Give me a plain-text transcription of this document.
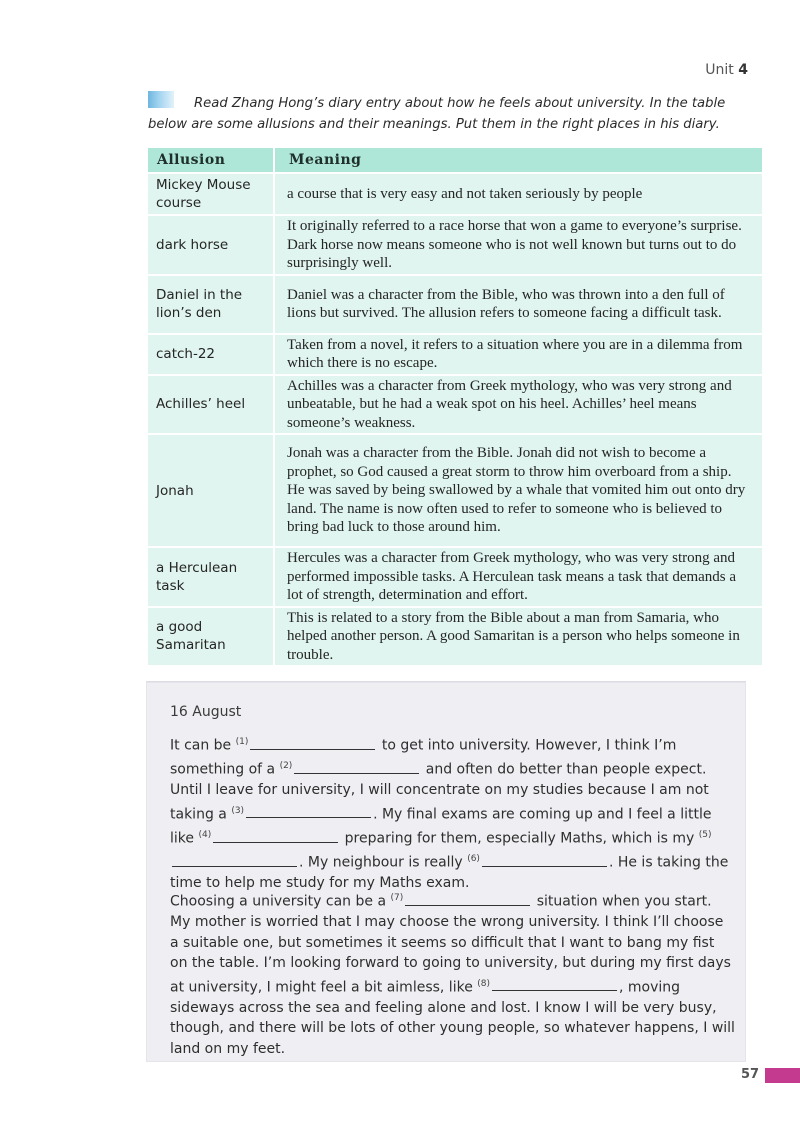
Unit 4

Read Zhang Hong’s diary entry about how he feels about university. In the table below are some allusions and their meanings. Put them in the right places in his diary.

Allusion	Meaning
Mickey Mouse course	a course that is very easy and not taken seriously by people
dark horse	It originally referred to a race horse that won a game to everyone’s surprise. Dark horse now means someone who is not well known but turns out to do surprisingly well.
Daniel in the lion’s den	Daniel was a character from the Bible, who was thrown into a den full of lions but survived. The allusion refers to someone facing a difficult task.
catch-22	Taken from a novel, it refers to a situation where you are in a dilemma from which there is no escape.
Achilles’ heel	Achilles was a character from Greek mythology, who was very strong and unbeatable, but he had a weak spot on his heel. Achilles’ heel means someone’s weakness.
Jonah	Jonah was a character from the Bible. Jonah did not wish to become a prophet, so God caused a great storm to throw him overboard from a ship. He was saved by being swallowed by a whale that vomited him out onto dry land. The name is now often used to refer to someone who is believed to bring bad luck to those around him.
a Herculean task	Hercules was a character from Greek mythology, who was very strong and performed impossible tasks. A Herculean task means a task that demands a lot of strength, determination and effort.
a good Samaritan	This is related to a story from the Bible about a man from Samaria, who helped another person. A good Samaritan is a person who helps someone in trouble.
16 August

It can be $^{(1)}$	to get into university. However, I think I’m something of a $^{(2)}$	and often do better than people expect. Until I leave for university, I will concentrate on my studies because I am not taking a $^{(3)}$	. My final exams are coming up and I feel a little like $^{(4)}$	preparing for them, especially Maths, which is my $^{(5)}$. My neighbour is really $^{(6)}$	. He is taking the time to help me study for my Maths exam.

Choosing a university can be a $^{(7)}$	situation when you start. My mother is worried that I may choose the wrong university. I think I’ll choose a suitable one, but sometimes it seems so difficult that I want to bang my fist on the table. I’m looking forward to going to university, but during my first days at university, I might feel a bit aimless, like $^{(8)}$	, moving sideways across the sea and feeling alone and lost. I know I will be very busy, though, and there will be lots of other young people, so whatever happens, I will land on my feet.

57
